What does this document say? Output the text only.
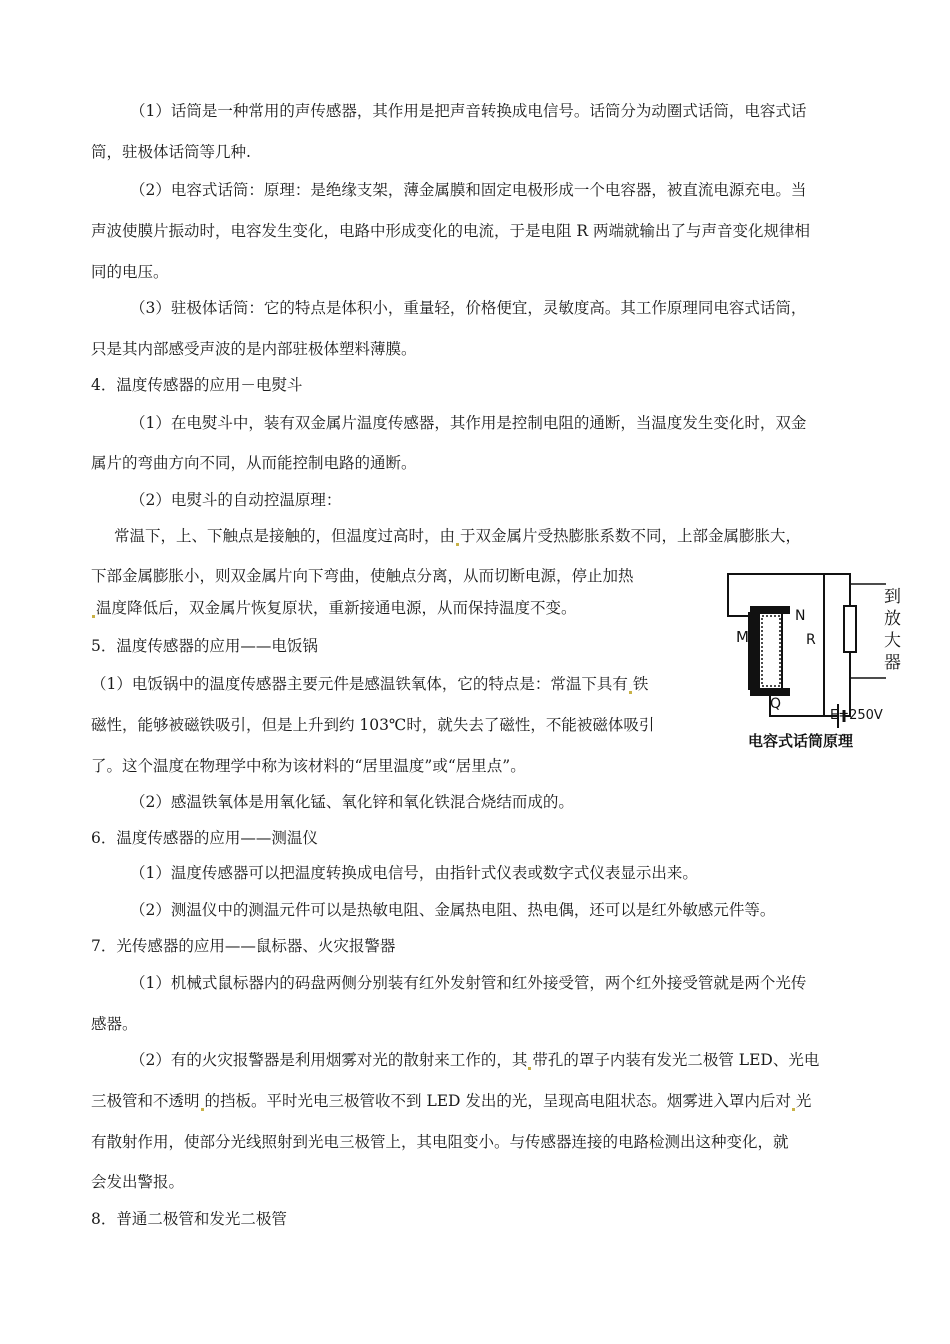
（1）话筒是一种常用的声传感器，其作用是把声音转换成电信号。话筒分为动圈式话筒，电容式话
筒，驻极体话筒等几种.
（2）电容式话筒：原理：是绝缘支架，薄金属膜和固定电极形成一个电容器，被直流电源充电。当
声波使膜片振动时，电容发生变化，电路中形成变化的电流，于是电阻 R 两端就输出了与声音变化规律相
同的电压。
（3）驻极体话筒：它的特点是体积小，重量轻，价格便宜，灵敏度高。其工作原理同电容式话筒，
只是其内部感受声波的是内部驻极体塑料薄膜。
4．温度传感器的应用－电熨斗
（1）在电熨斗中，装有双金属片温度传感器，其作用是控制电阻的通断，当温度发生变化时，双金
属片的弯曲方向不同，从而能控制电路的通断。
（2）电熨斗的自动控温原理：
常温下，上、下触点是接触的，但温度过高时，由 于双金属片受热膨胀系数不同，上部金属膨胀大，
下部金属膨胀小，则双金属片向下弯曲，使触点分离，从而切断电源，停止加热
温度降低后，双金属片恢复原状，重新接通电源，从而保持温度不变。
5．温度传感器的应用——电饭锅
（1）电饭锅中的温度传感器主要元件是感温铁氧体，它的特点是：常温下具有 铁
磁性，能够被磁铁吸引，但是上升到约 103℃时，就失去了磁性，不能被磁体吸引
了。这个温度在物理学中称为该材料的“居里温度”或“居里点”。
（2）感温铁氧体是用氧化锰、氧化锌和氧化铁混合烧结而成的。
6．温度传感器的应用——测温仪
（1）温度传感器可以把温度转换成电信号，由指针式仪表或数字式仪表显示出来。
（2）测温仪中的测温元件可以是热敏电阻、金属热电阻、热电偶，还可以是红外敏感元件等。
7．光传感器的应用——鼠标器、火灾报警器
（1）机械式鼠标器内的码盘两侧分别装有红外发射管和红外接受管，两个红外接受管就是两个光传
感器。
（2）有的火灾报警器是利用烟雾对光的散射来工作的，其 带孔的罩子内装有发光二极管 LED、光电
三极管和不透明 的挡板。平时光电三极管收不到 LED 发出的光，呈现高电阻状态。烟雾进入罩内后对 光
有散射作用，使部分光线照射到光电三极管上，其电阻变小。与传感器连接的电路检测出这种变化，就
会发出警报。
8．普通二极管和发光二极管
M
N
R
Q
到
放
大
器
E=250V
电容式话筒原理
